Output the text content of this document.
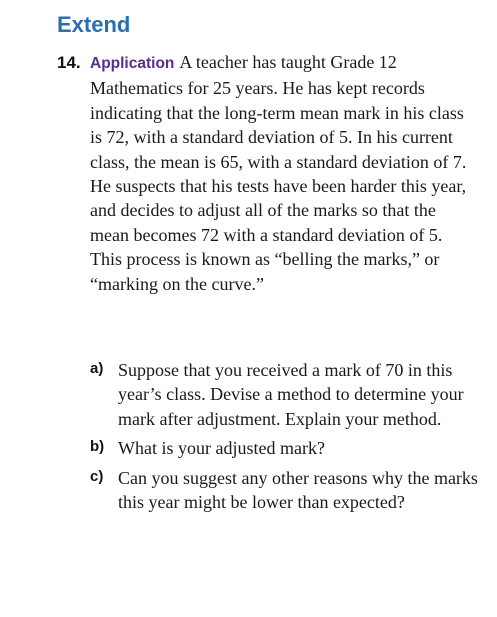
Extend
14. Application A teacher has taught Grade 12 Mathematics for 25 years. He has kept records indicating that the long-term mean mark in his class is 72, with a standard deviation of 5. In his current class, the mean is 65, with a standard deviation of 7. He suspects that his tests have been harder this year, and decides to adjust all of the marks so that the mean becomes 72 with a standard deviation of 5. This process is known as “belling the marks,” or “marking on the curve.”
a) Suppose that you received a mark of 70 in this year’s class. Devise a method to determine your mark after adjustment. Explain your method.
b) What is your adjusted mark?
c) Can you suggest any other reasons why the marks this year might be lower than expected?
